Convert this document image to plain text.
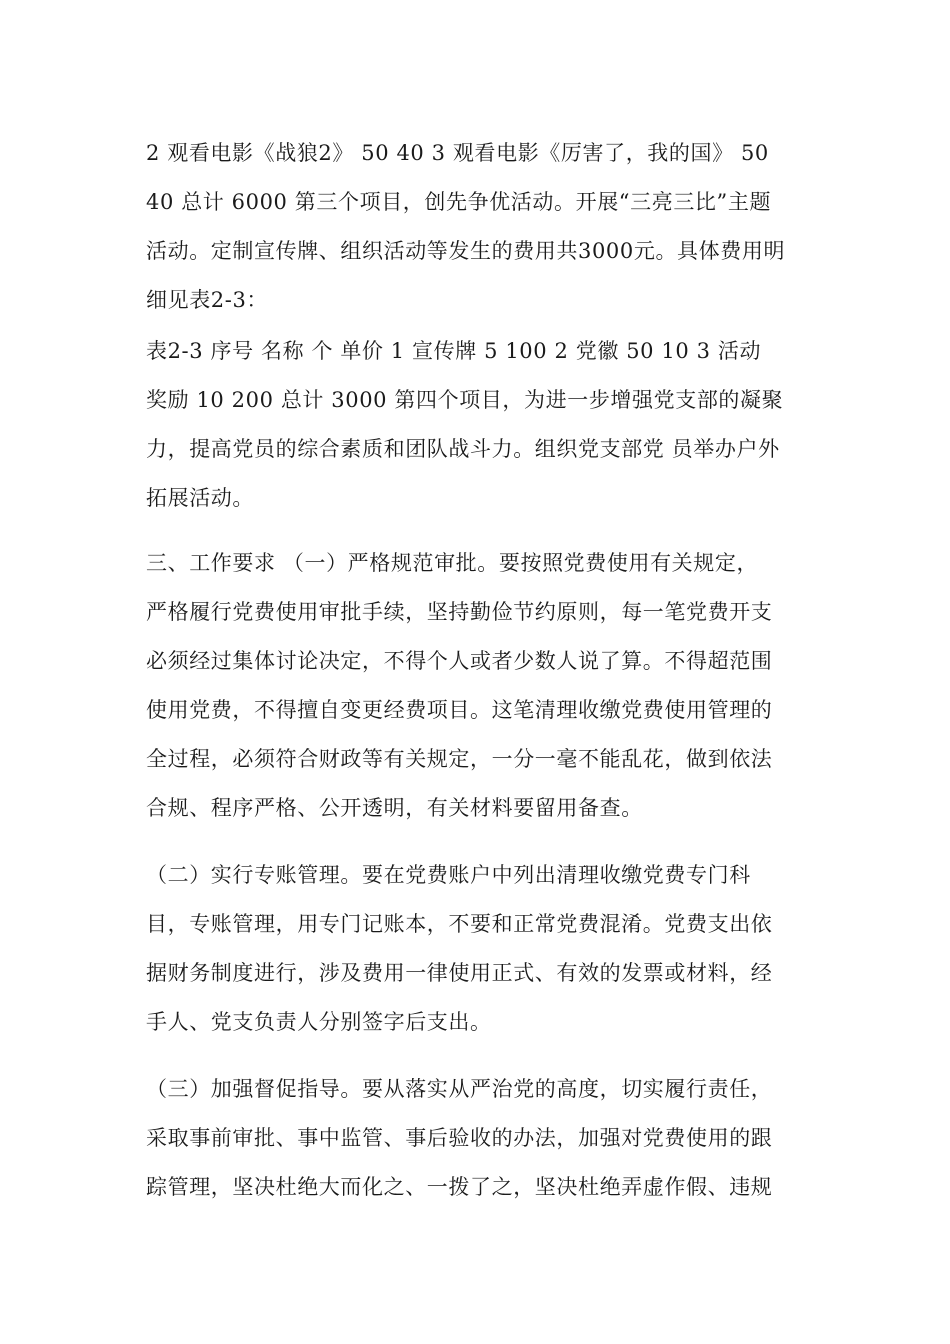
2 观看电影《战狼2》 50 40 3 观看电影《厉害了，我的国》 50
40 总计 6000 第三个项目，创先争优活动。开展“三亮三比”主题
活动。定制宣传牌、组织活动等发生的费用共3000元。具体费用明
细见表2-3：
表2-3 序号 名称 个 单价 1 宣传牌 5 100 2 党徽 50 10 3 活动
奖励 10 200 总计 3000 第四个项目，为进一步增强党支部的凝聚
力，提高党员的综合素质和团队战斗力。组织党支部党 员举办户外
拓展活动。
三、工作要求 （一）严格规范审批。要按照党费使用有关规定，
严格履行党费使用审批手续，坚持勤俭节约原则，每一笔党费开支
必须经过集体讨论决定，不得个人或者少数人说了算。不得超范围
使用党费，不得擅自变更经费项目。这笔清理收缴党费使用管理的
全过程，必须符合财政等有关规定，一分一毫不能乱花，做到依法
合规、程序严格、公开透明，有关材料要留用备查。
（二）实行专账管理。要在党费账户中列出清理收缴党费专门科
目，专账管理，用专门记账本，不要和正常党费混淆。党费支出依
据财务制度进行，涉及费用一律使用正式、有效的发票或材料，经
手人、党支负责人分别签字后支出。
（三）加强督促指导。要从落实从严治党的高度，切实履行责任，
采取事前审批、事中监管、事后验收的办法，加强对党费使用的跟
踪管理，坚决杜绝大而化之、一拨了之，坚决杜绝弄虚作假、违规
